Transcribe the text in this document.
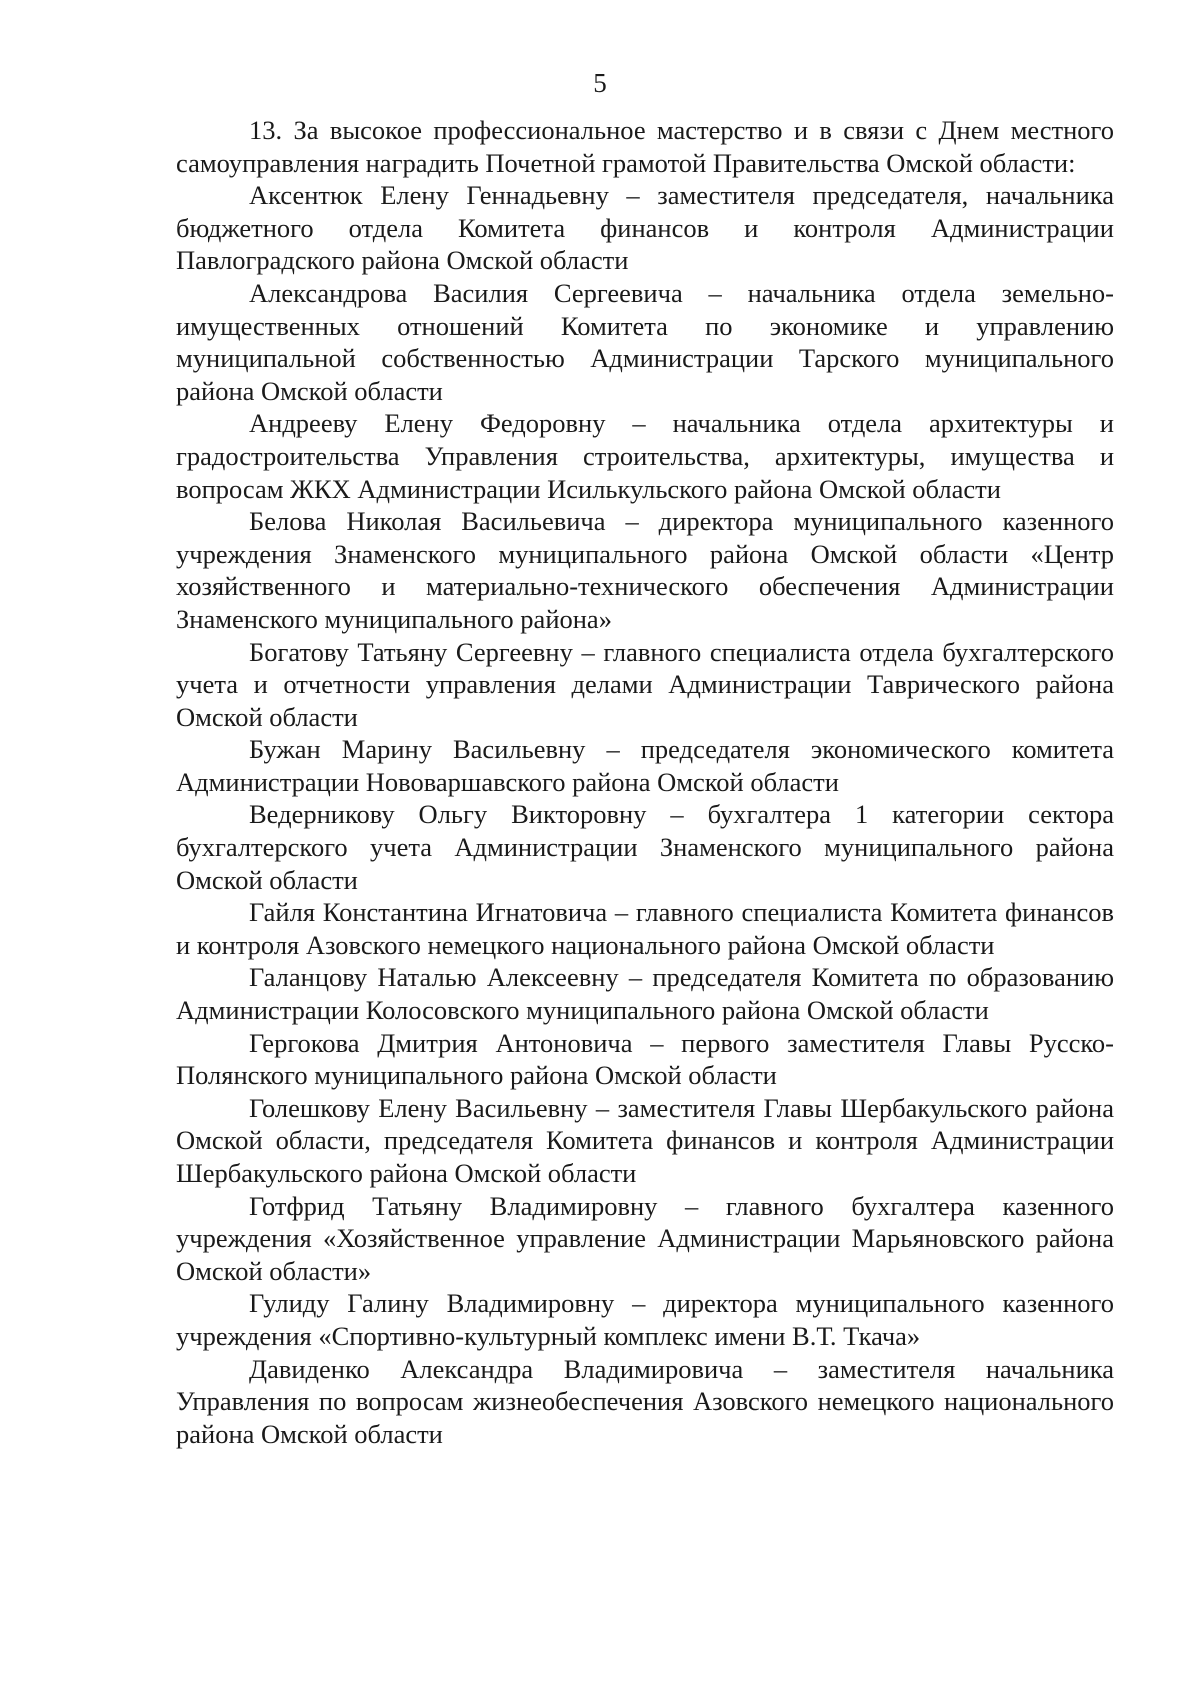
5

13. За высокое профессиональное мастерство и в связи с Днем местного самоуправления наградить Почетной грамотой Правительства Омской области:

Аксентюк Елену Геннадьевну – заместителя председателя, начальника бюджетного отдела Комитета финансов и контроля Администрации Павлоградского района Омской области

Александрова Василия Сергеевича – начальника отдела земельно-имущественных отношений Комитета по экономике и управлению муниципальной собственностью Администрации Тарского муниципального района Омской области

Андрееву Елену Федоровну – начальника отдела архитектуры и градостроительства Управления строительства, архитектуры, имущества и вопросам ЖКХ Администрации Исилькульского района Омской области

Белова Николая Васильевича – директора муниципального казенного учреждения Знаменского муниципального района Омской области «Центр хозяйственного и материально-технического обеспечения Администрации Знаменского муниципального района»

Богатову Татьяну Сергеевну – главного специалиста отдела бухгалтерского учета и отчетности управления делами Администрации Таврического района Омской области

Бужан Марину Васильевну – председателя экономического комитета Администрации Нововаршавского района Омской области

Ведерникову Ольгу Викторовну – бухгалтера 1 категории сектора бухгалтерского учета Администрации Знаменского муниципального района Омской области

Гайля Константина Игнатовича – главного специалиста Комитета финансов и контроля Азовского немецкого национального района Омской области

Галанцову Наталью Алексеевну – председателя Комитета по образованию Администрации Колосовского муниципального района Омской области

Гергокова Дмитрия Антоновича – первого заместителя Главы Русско-Полянского муниципального района Омской области

Голешкову Елену Васильевну – заместителя Главы Шербакульского района Омской области, председателя Комитета финансов и контроля Администрации Шербакульского района Омской области

Готфрид Татьяну Владимировну – главного бухгалтера казенного учреждения «Хозяйственное управление Администрации Марьяновского района Омской области»

Гулиду Галину Владимировну – директора муниципального казенного учреждения «Спортивно-культурный комплекс имени В.Т. Ткача»

Давиденко Александра Владимировича – заместителя начальника Управления по вопросам жизнеобеспечения Азовского немецкого национального района Омской области
